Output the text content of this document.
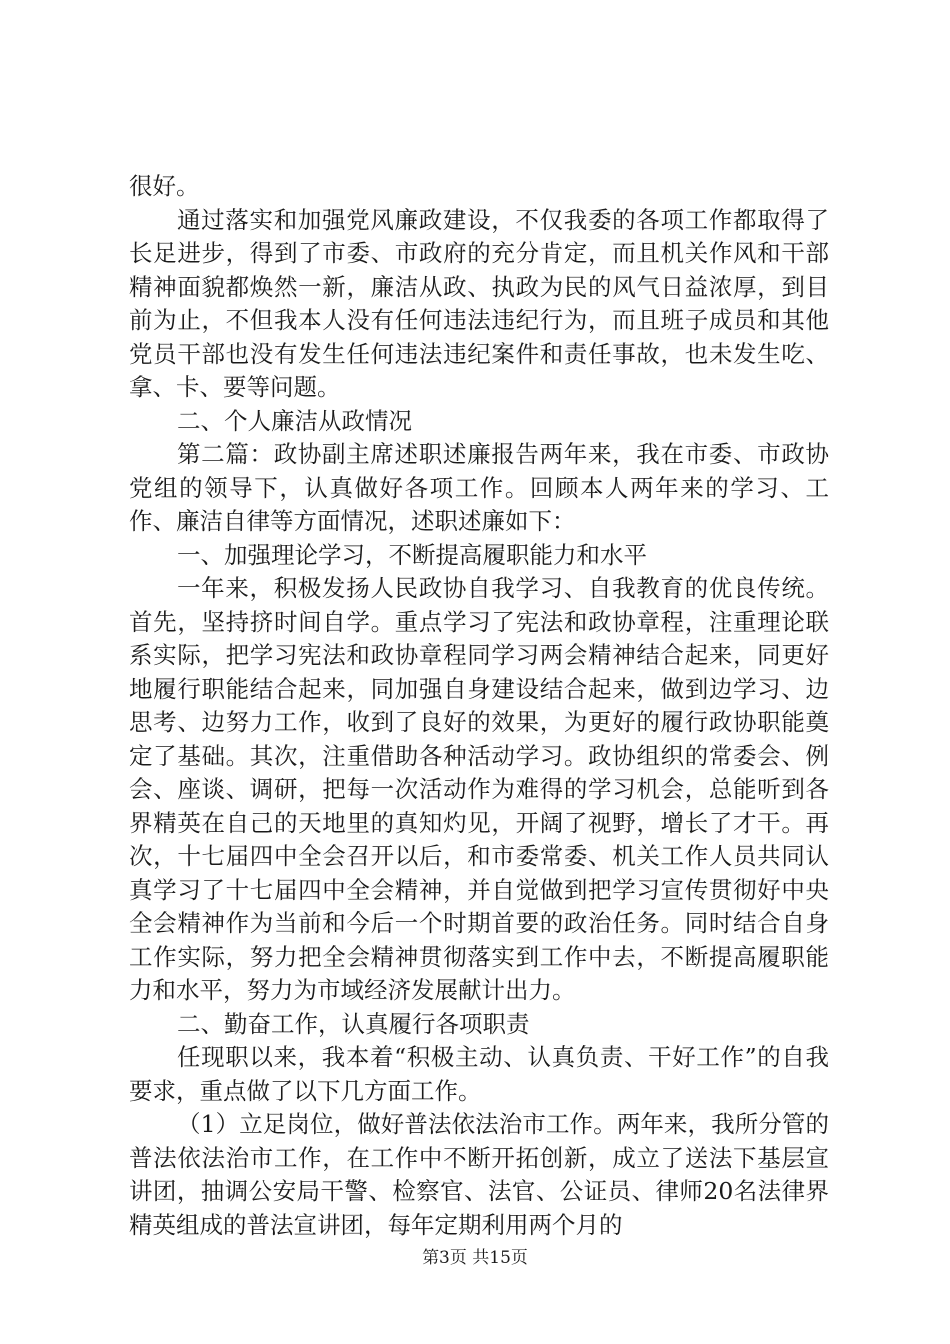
很好。

通过落实和加强党风廉政建设，不仅我委的各项工作都取得了长足进步，得到了市委、市政府的充分肯定，而且机关作风和干部精神面貌都焕然一新，廉洁从政、执政为民的风气日益浓厚，到目前为止，不但我本人没有任何违法违纪行为，而且班子成员和其他党员干部也没有发生任何违法违纪案件和责任事故，也未发生吃、拿、卡、要等问题。

二、个人廉洁从政情况

第二篇：政协副主席述职述廉报告两年来，我在市委、市政协党组的领导下，认真做好各项工作。回顾本人两年来的学习、工作、廉洁自律等方面情况，述职述廉如下：

一、加强理论学习，不断提高履职能力和水平

一年来，积极发扬人民政协自我学习、自我教育的优良传统。首先，坚持挤时间自学。重点学习了宪法和政协章程，注重理论联系实际，把学习宪法和政协章程同学习两会精神结合起来，同更好地履行职能结合起来，同加强自身建设结合起来，做到边学习、边思考、边努力工作，收到了良好的效果，为更好的履行政协职能奠定了基础。其次，注重借助各种活动学习。政协组织的常委会、例会、座谈、调研，把每一次活动作为难得的学习机会，总能听到各界精英在自己的天地里的真知灼见，开阔了视野，增长了才干。再次，十七届四中全会召开以后，和市委常委、机关工作人员共同认真学习了十七届四中全会精神，并自觉做到把学习宣传贯彻好中央全会精神作为当前和今后一个时期首要的政治任务。同时结合自身工作实际，努力把全会精神贯彻落实到工作中去，不断提高履职能力和水平，努力为市域经济发展献计出力。

二、勤奋工作，认真履行各项职责

任现职以来，我本着“积极主动、认真负责、干好工作”的自我要求，重点做了以下几方面工作。

（1）立足岗位，做好普法依法治市工作。两年来，我所分管的普法依法治市工作，在工作中不断开拓创新，成立了送法下基层宣讲团，抽调公安局干警、检察官、法官、公证员、律师20名法律界精英组成的普法宣讲团，每年定期利用两个月的

第3页 共15页
